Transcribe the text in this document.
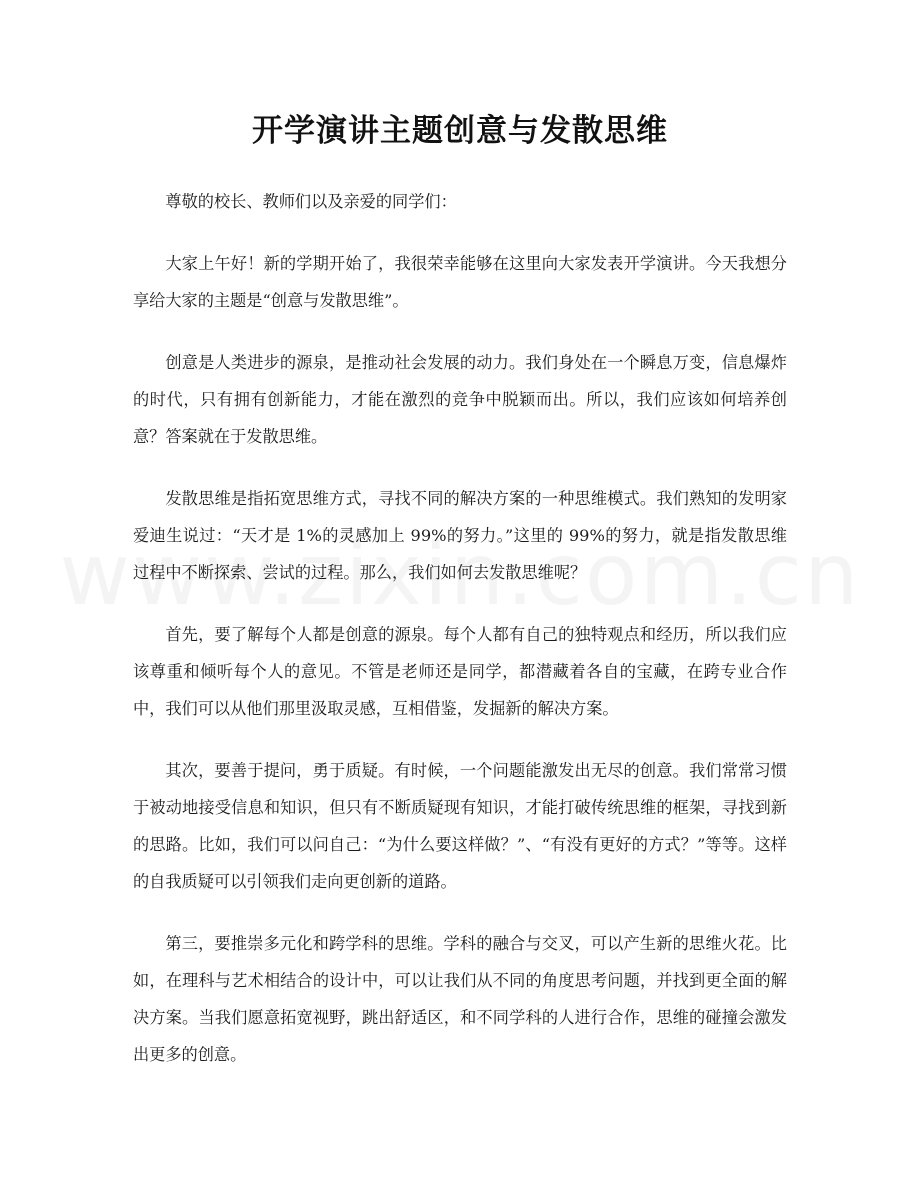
开学演讲主题创意与发散思维

尊敬的校长、教师们以及亲爱的同学们：

大家上午好！新的学期开始了，我很荣幸能够在这里向大家发表开学演讲。今天我想分享给大家的主题是“创意与发散思维”。

创意是人类进步的源泉，是推动社会发展的动力。我们身处在一个瞬息万变，信息爆炸的时代，只有拥有创新能力，才能在激烈的竞争中脱颖而出。所以，我们应该如何培养创意？答案就在于发散思维。

发散思维是指拓宽思维方式，寻找不同的解决方案的一种思维模式。我们熟知的发明家爱迪生说过：“天才是 1%的灵感加上 99%的努力。”这里的 99%的努力，就是指发散思维过程中不断探索、尝试的过程。那么，我们如何去发散思维呢？

首先，要了解每个人都是创意的源泉。每个人都有自己的独特观点和经历，所以我们应该尊重和倾听每个人的意见。不管是老师还是同学，都潜藏着各自的宝藏，在跨专业合作中，我们可以从他们那里汲取灵感，互相借鉴，发掘新的解决方案。

其次，要善于提问，勇于质疑。有时候，一个问题能激发出无尽的创意。我们常常习惯于被动地接受信息和知识，但只有不断质疑现有知识，才能打破传统思维的框架，寻找到新的思路。比如，我们可以问自己：“为什么要这样做？”、“有没有更好的方式？”等等。这样的自我质疑可以引领我们走向更创新的道路。

第三，要推崇多元化和跨学科的思维。学科的融合与交叉，可以产生新的思维火花。比如，在理科与艺术相结合的设计中，可以让我们从不同的角度思考问题，并找到更全面的解决方案。当我们愿意拓宽视野，跳出舒适区，和不同学科的人进行合作，思维的碰撞会激发出更多的创意。
